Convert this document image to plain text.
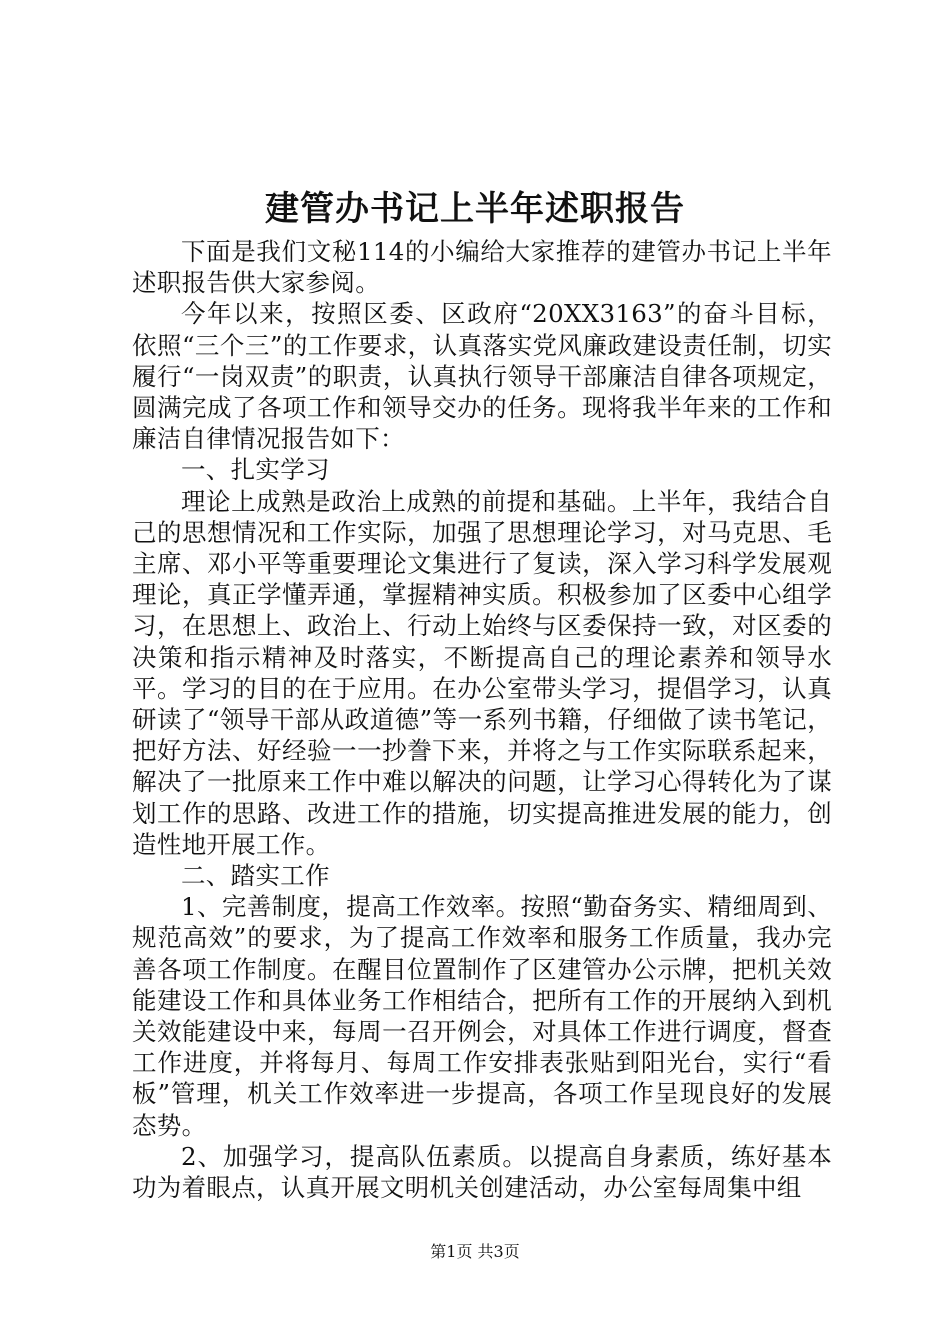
建管办书记上半年述职报告

下面是我们文秘114的小编给大家推荐的建管办书记上半年述职报告供大家参阅。

今年以来，按照区委、区政府“20XX3163”的奋斗目标，依照“三个三”的工作要求，认真落实党风廉政建设责任制，切实履行“一岗双责”的职责，认真执行领导干部廉洁自律各项规定，圆满完成了各项工作和领导交办的任务。现将我半年来的工作和廉洁自律情况报告如下：

一、扎实学习

理论上成熟是政治上成熟的前提和基础。上半年，我结合自己的思想情况和工作实际，加强了思想理论学习，对马克思、毛主席、邓小平等重要理论文集进行了复读，深入学习科学发展观理论，真正学懂弄通，掌握精神实质。积极参加了区委中心组学习，在思想上、政治上、行动上始终与区委保持一致，对区委的决策和指示精神及时落实，不断提高自己的理论素养和领导水平。学习的目的在于应用。在办公室带头学习，提倡学习，认真研读了“领导干部从政道德”等一系列书籍，仔细做了读书笔记，把好方法、好经验一一抄誊下来，并将之与工作实际联系起来，解决了一批原来工作中难以解决的问题，让学习心得转化为了谋划工作的思路、改进工作的措施，切实提高推进发展的能力，创造性地开展工作。

二、踏实工作

1、完善制度，提高工作效率。按照“勤奋务实、精细周到、规范高效”的要求，为了提高工作效率和服务工作质量，我办完善各项工作制度。在醒目位置制作了区建管办公示牌，把机关效能建设工作和具体业务工作相结合，把所有工作的开展纳入到机关效能建设中来，每周一召开例会，对具体工作进行调度，督查工作进度，并将每月、每周工作安排表张贴到阳光台，实行“看板”管理，机关工作效率进一步提高，各项工作呈现良好的发展态势。

2、加强学习，提高队伍素质。以提高自身素质，练好基本功为着眼点，认真开展文明机关创建活动，办公室每周集中组

第1页 共3页
